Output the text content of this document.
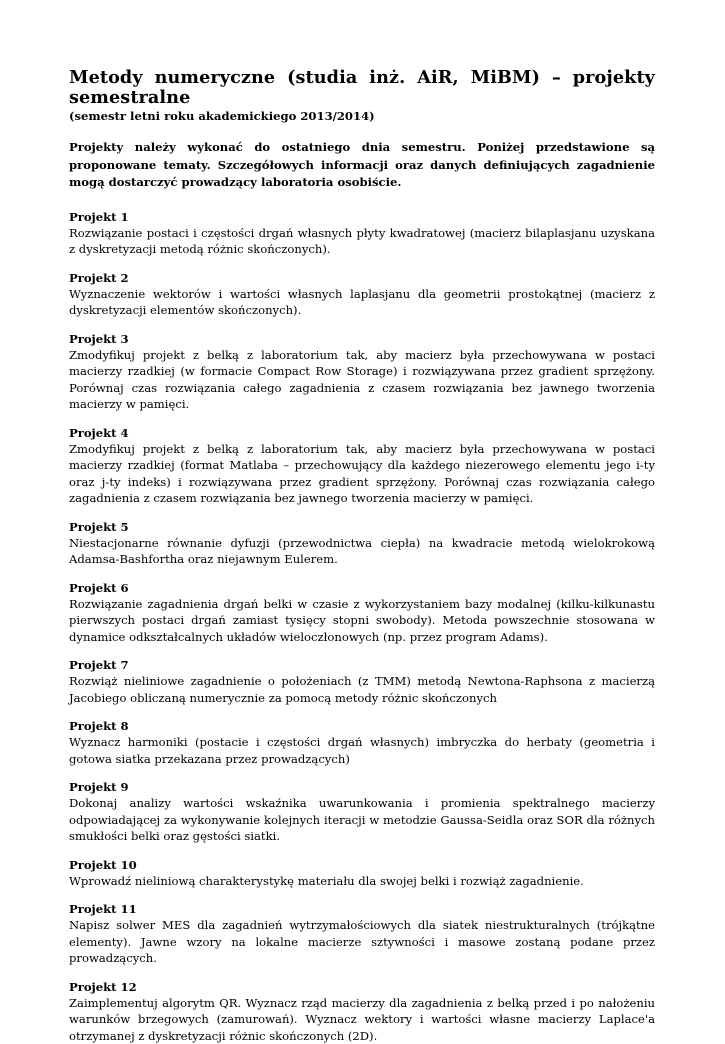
Metody numeryczne (studia inż. AiR, MiBM) – projekty semestralne

(semestr letni roku akademickiego 2013/2014)

Projekty należy wykonać do ostatniego dnia semestru. Poniżej przedstawione są proponowane tematy. Szczegółowych informacji oraz danych definiujących zagadnienie mogą dostarczyć prowadzący laboratoria osobiście.

Projekt 1

Rozwiązanie postaci i częstości drgań własnych płyty kwadratowej (macierz bilaplasjanu uzyskana z dyskretyzacji metodą różnic skończonych).

Projekt 2

Wyznaczenie wektorów i wartości własnych laplasjanu dla geometrii prostokątnej (macierz z dyskretyzacji elementów skończonych).

Projekt 3

Zmodyfikuj projekt z belką z laboratorium tak, aby macierz była przechowywana w postaci macierzy rzadkiej (w formacie Compact Row Storage) i rozwiązywana przez gradient sprzężony. Porównaj czas rozwiązania całego zagadnienia z czasem rozwiązania bez jawnego tworzenia macierzy w pamięci.

Projekt 4

Zmodyfikuj projekt z belką z laboratorium tak, aby macierz była przechowywana w postaci macierzy rzadkiej (format Matlaba – przechowujący dla każdego niezerowego elementu jego i-ty oraz j-ty indeks) i rozwiązywana przez gradient sprzężony. Porównaj czas rozwiązania całego zagadnienia z czasem rozwiązania bez jawnego tworzenia macierzy w pamięci.

Projekt 5

Niestacjonarne równanie dyfuzji (przewodnictwa ciepła) na kwadracie metodą wielokrokową Adamsa-Bashfortha oraz niejawnym Eulerem.

Projekt 6

Rozwiązanie zagadnienia drgań belki w czasie z wykorzystaniem bazy modalnej (kilku-kilkunastu pierwszych postaci drgań zamiast tysięcy stopni swobody). Metoda powszechnie stosowana w dynamice odkształcalnych układów wieloczłonowych (np. przez program Adams).

Projekt 7

Rozwiąż nieliniowe zagadnienie o położeniach (z TMM) metodą Newtona-Raphsona z macierzą Jacobiego obliczaną numerycznie za pomocą metody różnic skończonych

Projekt 8

Wyznacz harmoniki (postacie i częstości drgań własnych) imbryczka do herbaty (geometria i gotowa siatka przekazana przez prowadzących)

Projekt 9

Dokonaj analizy wartości wskaźnika uwarunkowania i promienia spektralnego macierzy odpowiadającej za wykonywanie kolejnych iteracji w metodzie Gaussa-Seidla oraz SOR dla różnych smukłości belki oraz gęstości siatki.

Projekt 10

Wprowadź nieliniową charakterystykę materiału dla swojej belki i rozwiąż zagadnienie.

Projekt 11

Napisz solwer MES dla zagadnień wytrzymałościowych dla siatek niestrukturalnych (trójkątne elementy). Jawne wzory na lokalne macierze sztywności i masowe zostaną podane przez prowadzących.

Projekt 12

Zaimplementuj algorytm QR. Wyznacz rząd macierzy dla zagadnienia z belką przed i po nałożeniu warunków brzegowych (zamurowań). Wyznacz wektory i wartości własne macierzy Laplace'a otrzymanej z dyskretyzacji różnic skończonych (2D).
